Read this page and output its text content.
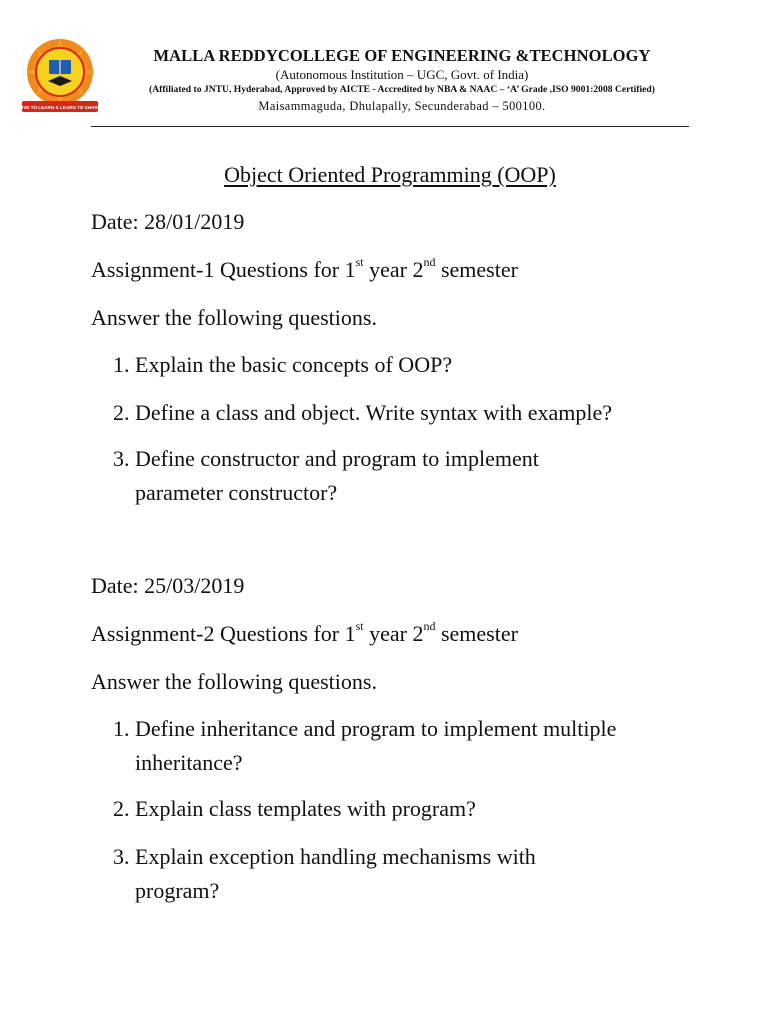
LIVE TO LEARN & LEARN TO SHARE
MALLA REDDYCOLLEGE OF ENGINEERING &TECHNOLOGY
(Autonomous Institution – UGC, Govt. of India)
(Affiliated to JNTU, Hyderabad, Approved by AICTE - Accredited by NBA & NAAC – ‘A’ Grade ,ISO 9001:2008 Certified)
Maisammaguda, Dhulapally, Secunderabad – 500100.
Object Oriented Programming (OOP)
Date: 28/01/2019
Assignment-1 Questions for 1st year 2nd semester
Answer the following questions.
1. Explain the basic concepts of OOP?
2. Define a class and object. Write syntax with example?
3. Define constructor and program to implement
parameter constructor?
Date: 25/03/2019
Assignment-2 Questions for 1st year 2nd semester
Answer the following questions.
1. Define inheritance and program to implement multiple
inheritance?
2. Explain class templates with program?
3. Explain exception handling mechanisms with
program?
